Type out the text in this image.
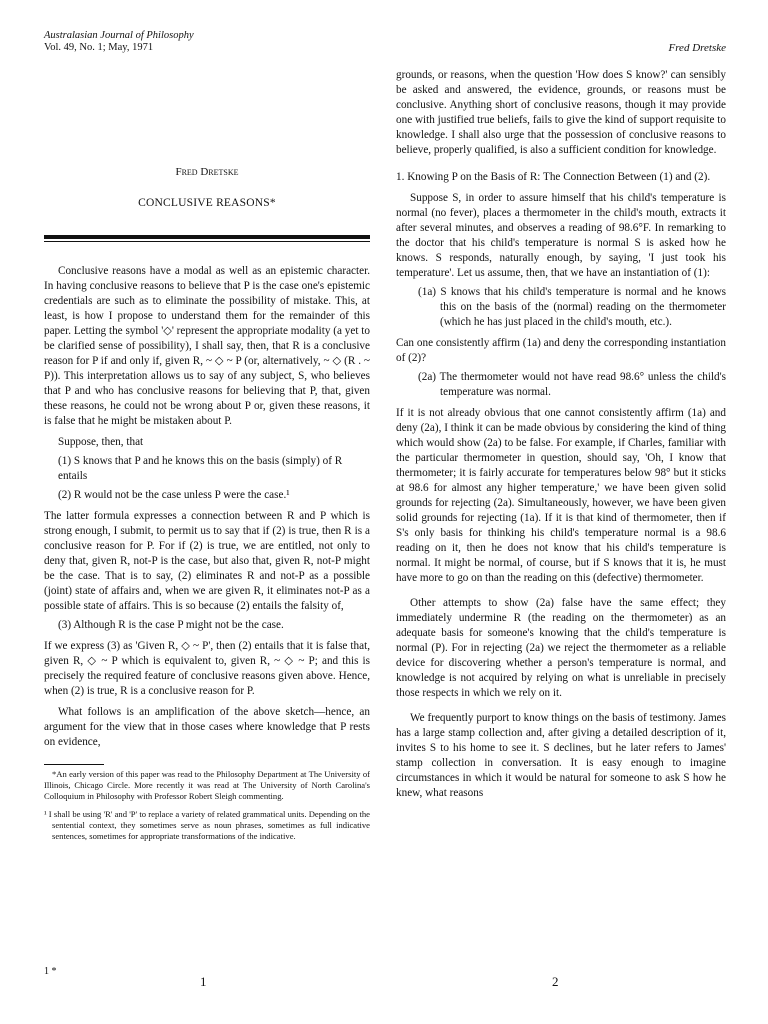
Australasian Journal of Philosophy
Vol. 49, No. 1; May, 1971
Fred Dretske
CONCLUSIVE REASONS*

Conclusive reasons have a modal as well as an epistemic character. In having conclusive reasons to believe that P is the case one's epistemic credentials are such as to eliminate the possibility of mistake. This, at least, is how I propose to understand them for the remainder of this paper. Letting the symbol '◇' represent the appropriate modality (a yet to be clarified sense of possibility), I shall say, then, that R is a conclusive reason for P if and only if, given R, ~ ◇ ~ P (or, alternatively, ~ ◇ (R . ~ P)). This interpretation allows us to say of any subject, S, who believes that P and who has conclusive reasons for believing that P, that, given these reasons, he could not be wrong about P or, given these reasons, it is false that he might be mistaken about P.

Suppose, then, that

(1) S knows that P and he knows this on the basis (simply) of R entails

(2) R would not be the case unless P were the case.¹

The latter formula expresses a connection between R and P which is strong enough, I submit, to permit us to say that if (2) is true, then R is a conclusive reason for P. For if (2) is true, we are entitled, not only to deny that, given R, not-P is the case, but also that, given R, not-P might be the case. That is to say, (2) eliminates R and not-P as a possible (joint) state of affairs and, when we are given R, it eliminates not-P as a possible state of affairs. This is so because (2) entails the falsity of,

(3) Although R is the case P might not be the case.

If we express (3) as 'Given R, ◇ ~ P', then (2) entails that it is false that, given R, ◇ ~ P which is equivalent to, given R, ~ ◇ ~ P; and this is precisely the required feature of conclusive reasons given above. Hence, when (2) is true, R is a conclusive reason for P.

What follows is an amplification of the above sketch—hence, an argument for the view that in those cases where knowledge that P rests on evidence,

*An early version of this paper was read to the Philosophy Department at The University of Illinois, Chicago Circle. More recently it was read at The University of North Carolina's Colloquium in Philosophy with Professor Robert Sleigh commenting.

¹ I shall be using 'R' and 'P' to replace a variety of related grammatical units. Depending on the sentential context, they sometimes serve as noun phrases, sometimes as full indicative sentences, sometimes for appropriate transformations of the indicative.

1 *
1
Fred Dretske

grounds, or reasons, when the question 'How does S know?' can sensibly be asked and answered, the evidence, grounds, or reasons must be conclusive. Anything short of conclusive reasons, though it may provide one with justified true beliefs, fails to give the kind of support requisite to knowledge. I shall also urge that the possession of conclusive reasons to believe, properly qualified, is also a sufficient condition for knowledge.

1. Knowing P on the Basis of R: The Connection Between (1) and (2).

Suppose S, in order to assure himself that his child's temperature is normal (no fever), places a thermometer in the child's mouth, extracts it after several minutes, and observes a reading of 98.6°F. In remarking to the doctor that his child's temperature is normal S is asked how he knows. S responds, naturally enough, by saying, 'I just took his temperature'. Let us assume, then, that we have an instantiation of (1):

(1a) S knows that his child's temperature is normal and he knows this on the basis of the (normal) reading on the thermometer (which he has just placed in the child's mouth, etc.).

Can one consistently affirm (1a) and deny the corresponding instantiation of (2)?

(2a) The thermometer would not have read 98.6° unless the child's temperature was normal.

If it is not already obvious that one cannot consistently affirm (1a) and deny (2a), I think it can be made obvious by considering the kind of thing which would show (2a) to be false. For example, if Charles, familiar with the particular thermometer in question, should say, 'Oh, I know that thermometer; it is fairly accurate for temperatures below 98° but it sticks at 98.6 for almost any higher temperature,' we have been given solid grounds for rejecting (2a). Simultaneously, however, we have been given solid grounds for rejecting (1a). If it is that kind of thermometer, then if S's only basis for thinking his child's temperature normal is a 98.6 reading on it, then he does not know that his child's temperature is normal. It might be normal, of course, but if S knows that it is, he must have more to go on than the reading on this (defective) thermometer.

Other attempts to show (2a) false have the same effect; they immediately undermine R (the reading on the thermometer) as an adequate basis for someone's knowing that the child's temperature is normal (P). For in rejecting (2a) we reject the thermometer as a reliable device for discovering whether a person's temperature is normal, and knowledge is not acquired by relying on what is unreliable in precisely those respects in which we rely on it.

We frequently purport to know things on the basis of testimony. James has a large stamp collection and, after giving a detailed description of it, invites S to his home to see it. S declines, but he later refers to James' stamp collection in conversation. It is easy enough to imagine circumstances in which it would be natural for someone to ask S how he knew, what reasons

2
